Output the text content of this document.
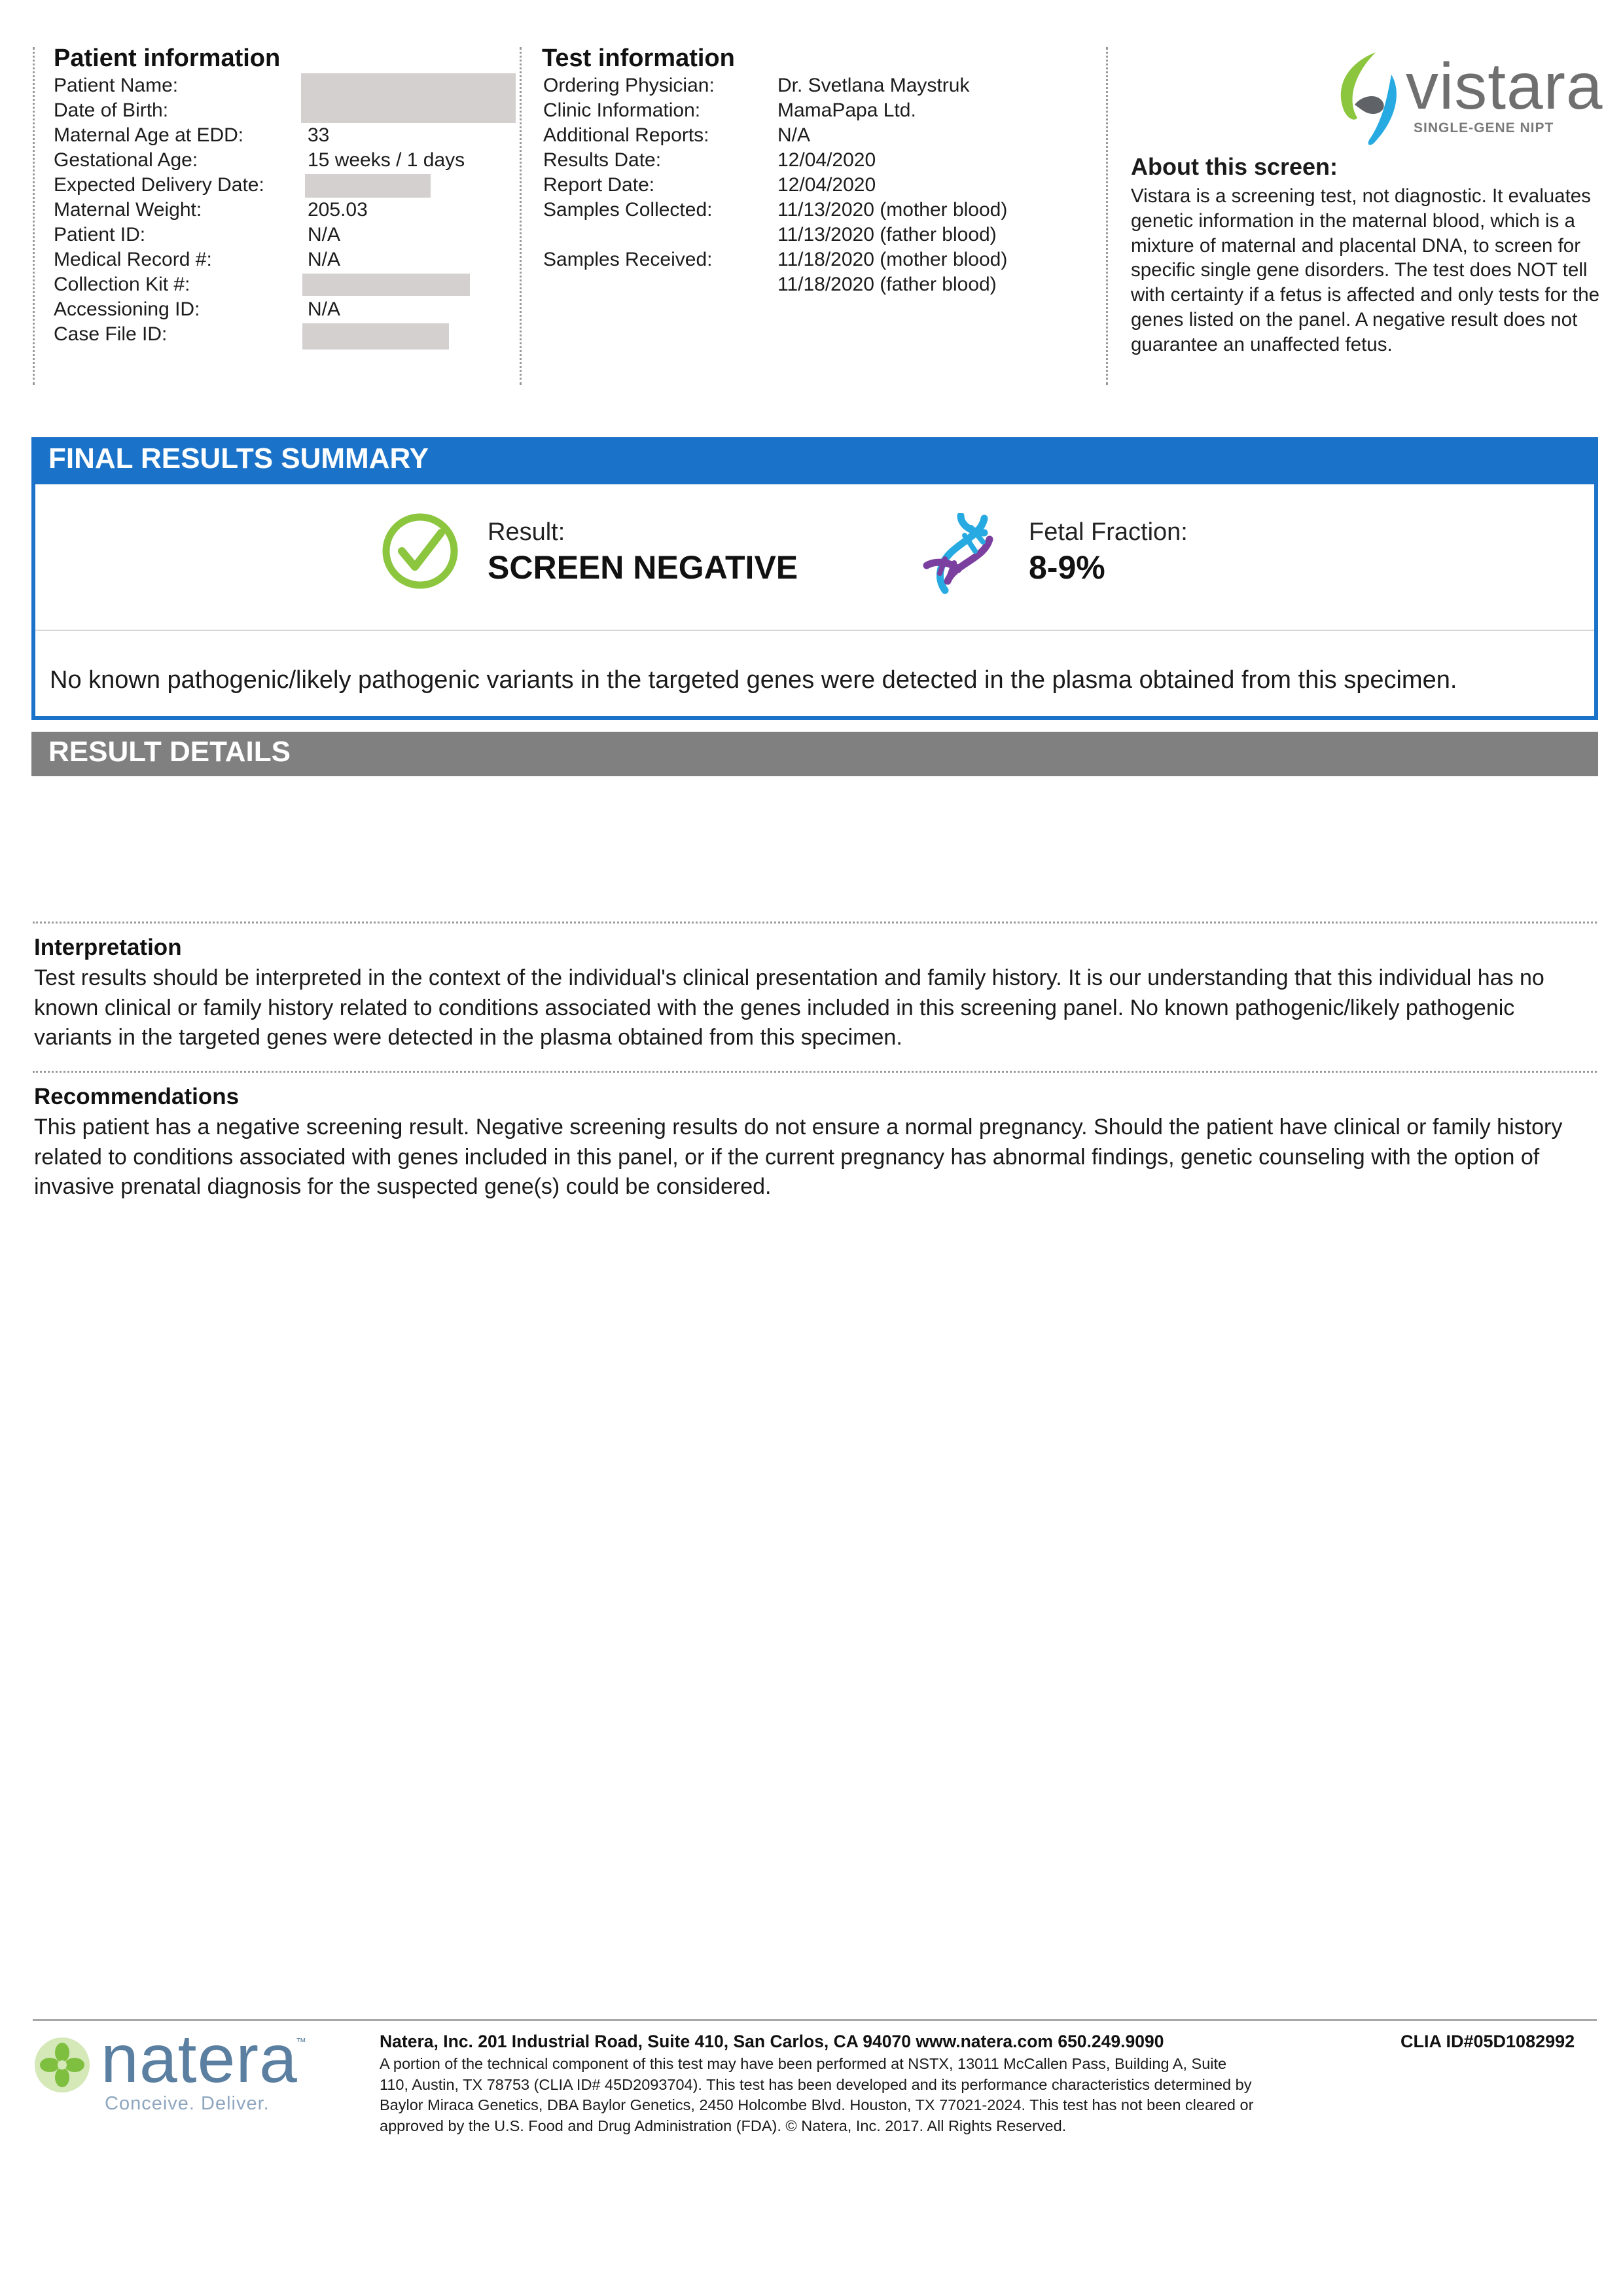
Patient information
Patient Name:
Date of Birth:
Maternal Age at EDD:
Gestational Age:
Expected Delivery Date:
Maternal Weight:
Patient ID:
Medical Record #:
Collection Kit #:
Accessioning ID:
Case File ID:
33
15 weeks / 1 days
205.03
N/A
N/A
N/A
Test information
Ordering Physician:
Clinic Information:
Additional Reports:
Results Date:
Report Date:
Samples Collected:
Samples Received:
Dr. Svetlana Maystruk
MamaPapa Ltd.
N/A
12/04/2020
12/04/2020
11/13/2020 (mother blood)
11/13/2020 (father blood)
11/18/2020 (mother blood)
11/18/2020 (father blood)
vistara
SINGLE-GENE NIPT
About this screen:
Vistara is a screening test, not diagnostic. It evaluates genetic information in the maternal blood, which is a mixture of maternal and placental DNA, to screen for specific single gene disorders. The test does NOT tell with certainty if a fetus is affected and only tests for the genes listed on the panel. A negative result does not guarantee an unaffected fetus.
FINAL RESULTS SUMMARY
Result:
SCREEN NEGATIVE
Fetal Fraction:
8-9%
No known pathogenic/likely pathogenic variants in the targeted genes were detected in the plasma obtained from this specimen.
RESULT DETAILS
Interpretation
Test results should be interpreted in the context of the individual's clinical presentation and family history. It is our understanding that this individual has no known clinical or family history related to conditions associated with the genes included in this screening panel. No known pathogenic/likely pathogenic variants in the targeted genes were detected in the plasma obtained from this specimen.
Recommendations
This patient has a negative screening result. Negative screening results do not ensure a normal pregnancy. Should the patient have clinical or family history related to conditions associated with genes included in this panel, or if the current pregnancy has abnormal findings, genetic counseling with the option of invasive prenatal diagnosis for the suspected gene(s) could be considered.
natera
™
Conceive. Deliver.
Natera, Inc. 201 Industrial Road, Suite 410, San Carlos, CA 94070 www.natera.com 650.249.9090
A portion of the technical component of this test may have been performed at NSTX, 13011 McCallen Pass, Building A, Suite 110, Austin, TX 78753 (CLIA ID# 45D2093704). This test has been developed and its performance characteristics determined by Baylor Miraca Genetics, DBA Baylor Genetics, 2450 Holcombe Blvd. Houston, TX 77021-2024. This test has not been cleared or approved by the U.S. Food and Drug Administration (FDA). © Natera, Inc. 2017. All Rights Reserved.
CLIA ID#05D1082992
